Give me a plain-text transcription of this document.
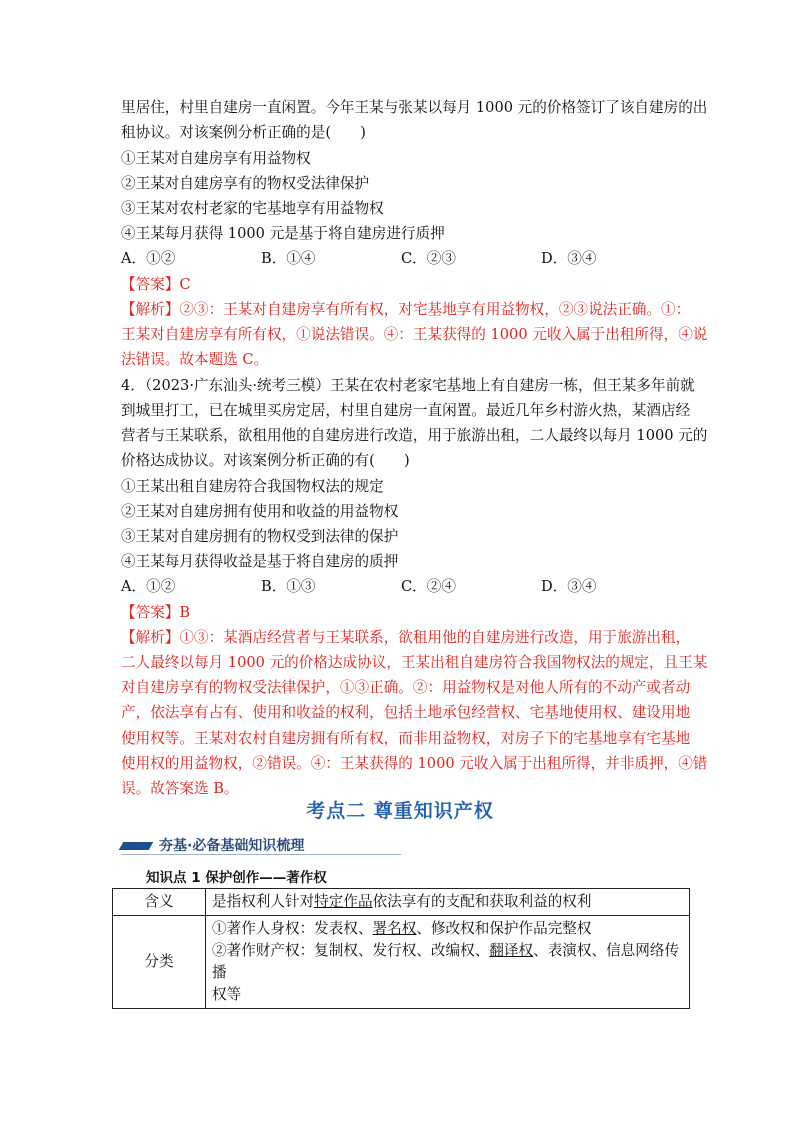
里居住，村里自建房一直闲置。今年王某与张某以每月 1000 元的价格签订了该自建房的出
租协议。对该案例分析正确的是(　　)
①王某对自建房享有用益物权
②王某对自建房享有的物权受法律保护
③王某对农村老家的宅基地享有用益物权
④王某每月获得 1000 元是基于将自建房进行质押
A．①②	B．①④	C．②③	D．③④
【答案】C
【解析】②③：王某对自建房享有所有权，对宅基地享有用益物权，②③说法正确。①：
王某对自建房享有所有权，①说法错误。④：王某获得的 1000 元收入属于出租所得，④说
法错误。故本题选 C。
4．（2023·广东汕头·统考三模）王某在农村老家宅基地上有自建房一栋，但王某多年前就
到城里打工，已在城里买房定居，村里自建房一直闲置。最近几年乡村游火热，某酒店经
营者与王某联系，欲租用他的自建房进行改造，用于旅游出租，二人最终以每月 1000 元的
价格达成协议。对该案例分析正确的有(　　)
①王某出租自建房符合我国物权法的规定
②王某对自建房拥有使用和收益的用益物权
③王某对自建房拥有的物权受到法律的保护
④王某每月获得收益是基于将自建房的质押
A．①②	B．①③	C．②④	D．③④
【答案】B
【解析】①③：某酒店经营者与王某联系，欲租用他的自建房进行改造，用于旅游出租，
二人最终以每月 1000 元的价格达成协议，王某出租自建房符合我国物权法的规定，且王某
对自建房享有的物权受法律保护，①③正确。②：用益物权是对他人所有的不动产或者动
产，依法享有占有、使用和收益的权利，包括土地承包经营权、宅基地使用权、建设用地
使用权等。王某对农村自建房拥有所有权，而非用益物权，对房子下的宅基地享有宅基地
使用权的用益物权，②错误。④：王某获得的 1000 元收入属于出租所得，并非质押，④错
误。故答案选 B。
考点二 尊重知识产权
夯基·必备基础知识梳理
知识点 1 保护创作——著作权
含义	是指权利人针对特定作品依法享有的支配和获取利益的权利
分类	①著作人身权：发表权、署名权、修改权和保护作品完整权
②著作财产权：复制权、发行权、改编权、翻译权、表演权、信息网络传播
权等
